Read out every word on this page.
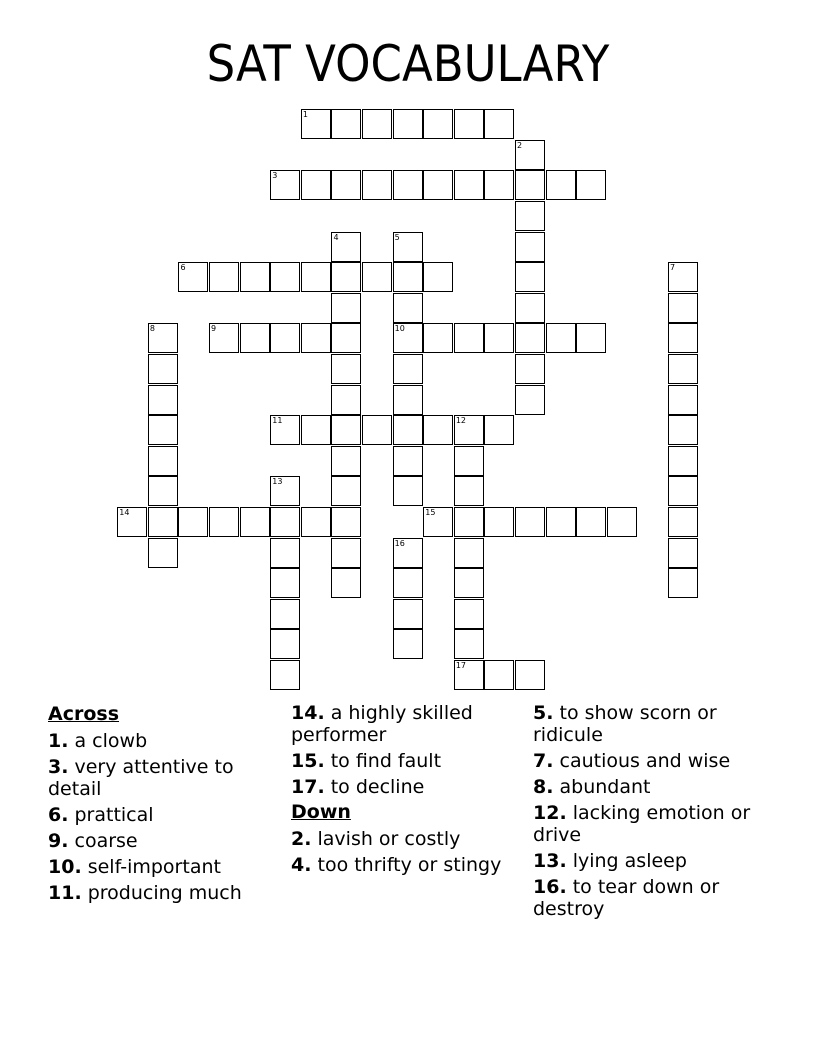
SAT VOCABULARY
1
2
3
4	5
6	7
8	9	10
11	12
13
14	15
16
17
Across
1. a clowb
3. very attentive to detail
6. prattical
9. coarse
10. self-important
11. producing much
14. a highly skilled performer
15. to find fault
17. to decline
Down
2. lavish or costly
4. too thrifty or stingy
5. to show scorn or ridicule
7. cautious and wise
8. abundant
12. lacking emotion or drive
13. lying asleep
16. to tear down or destroy
